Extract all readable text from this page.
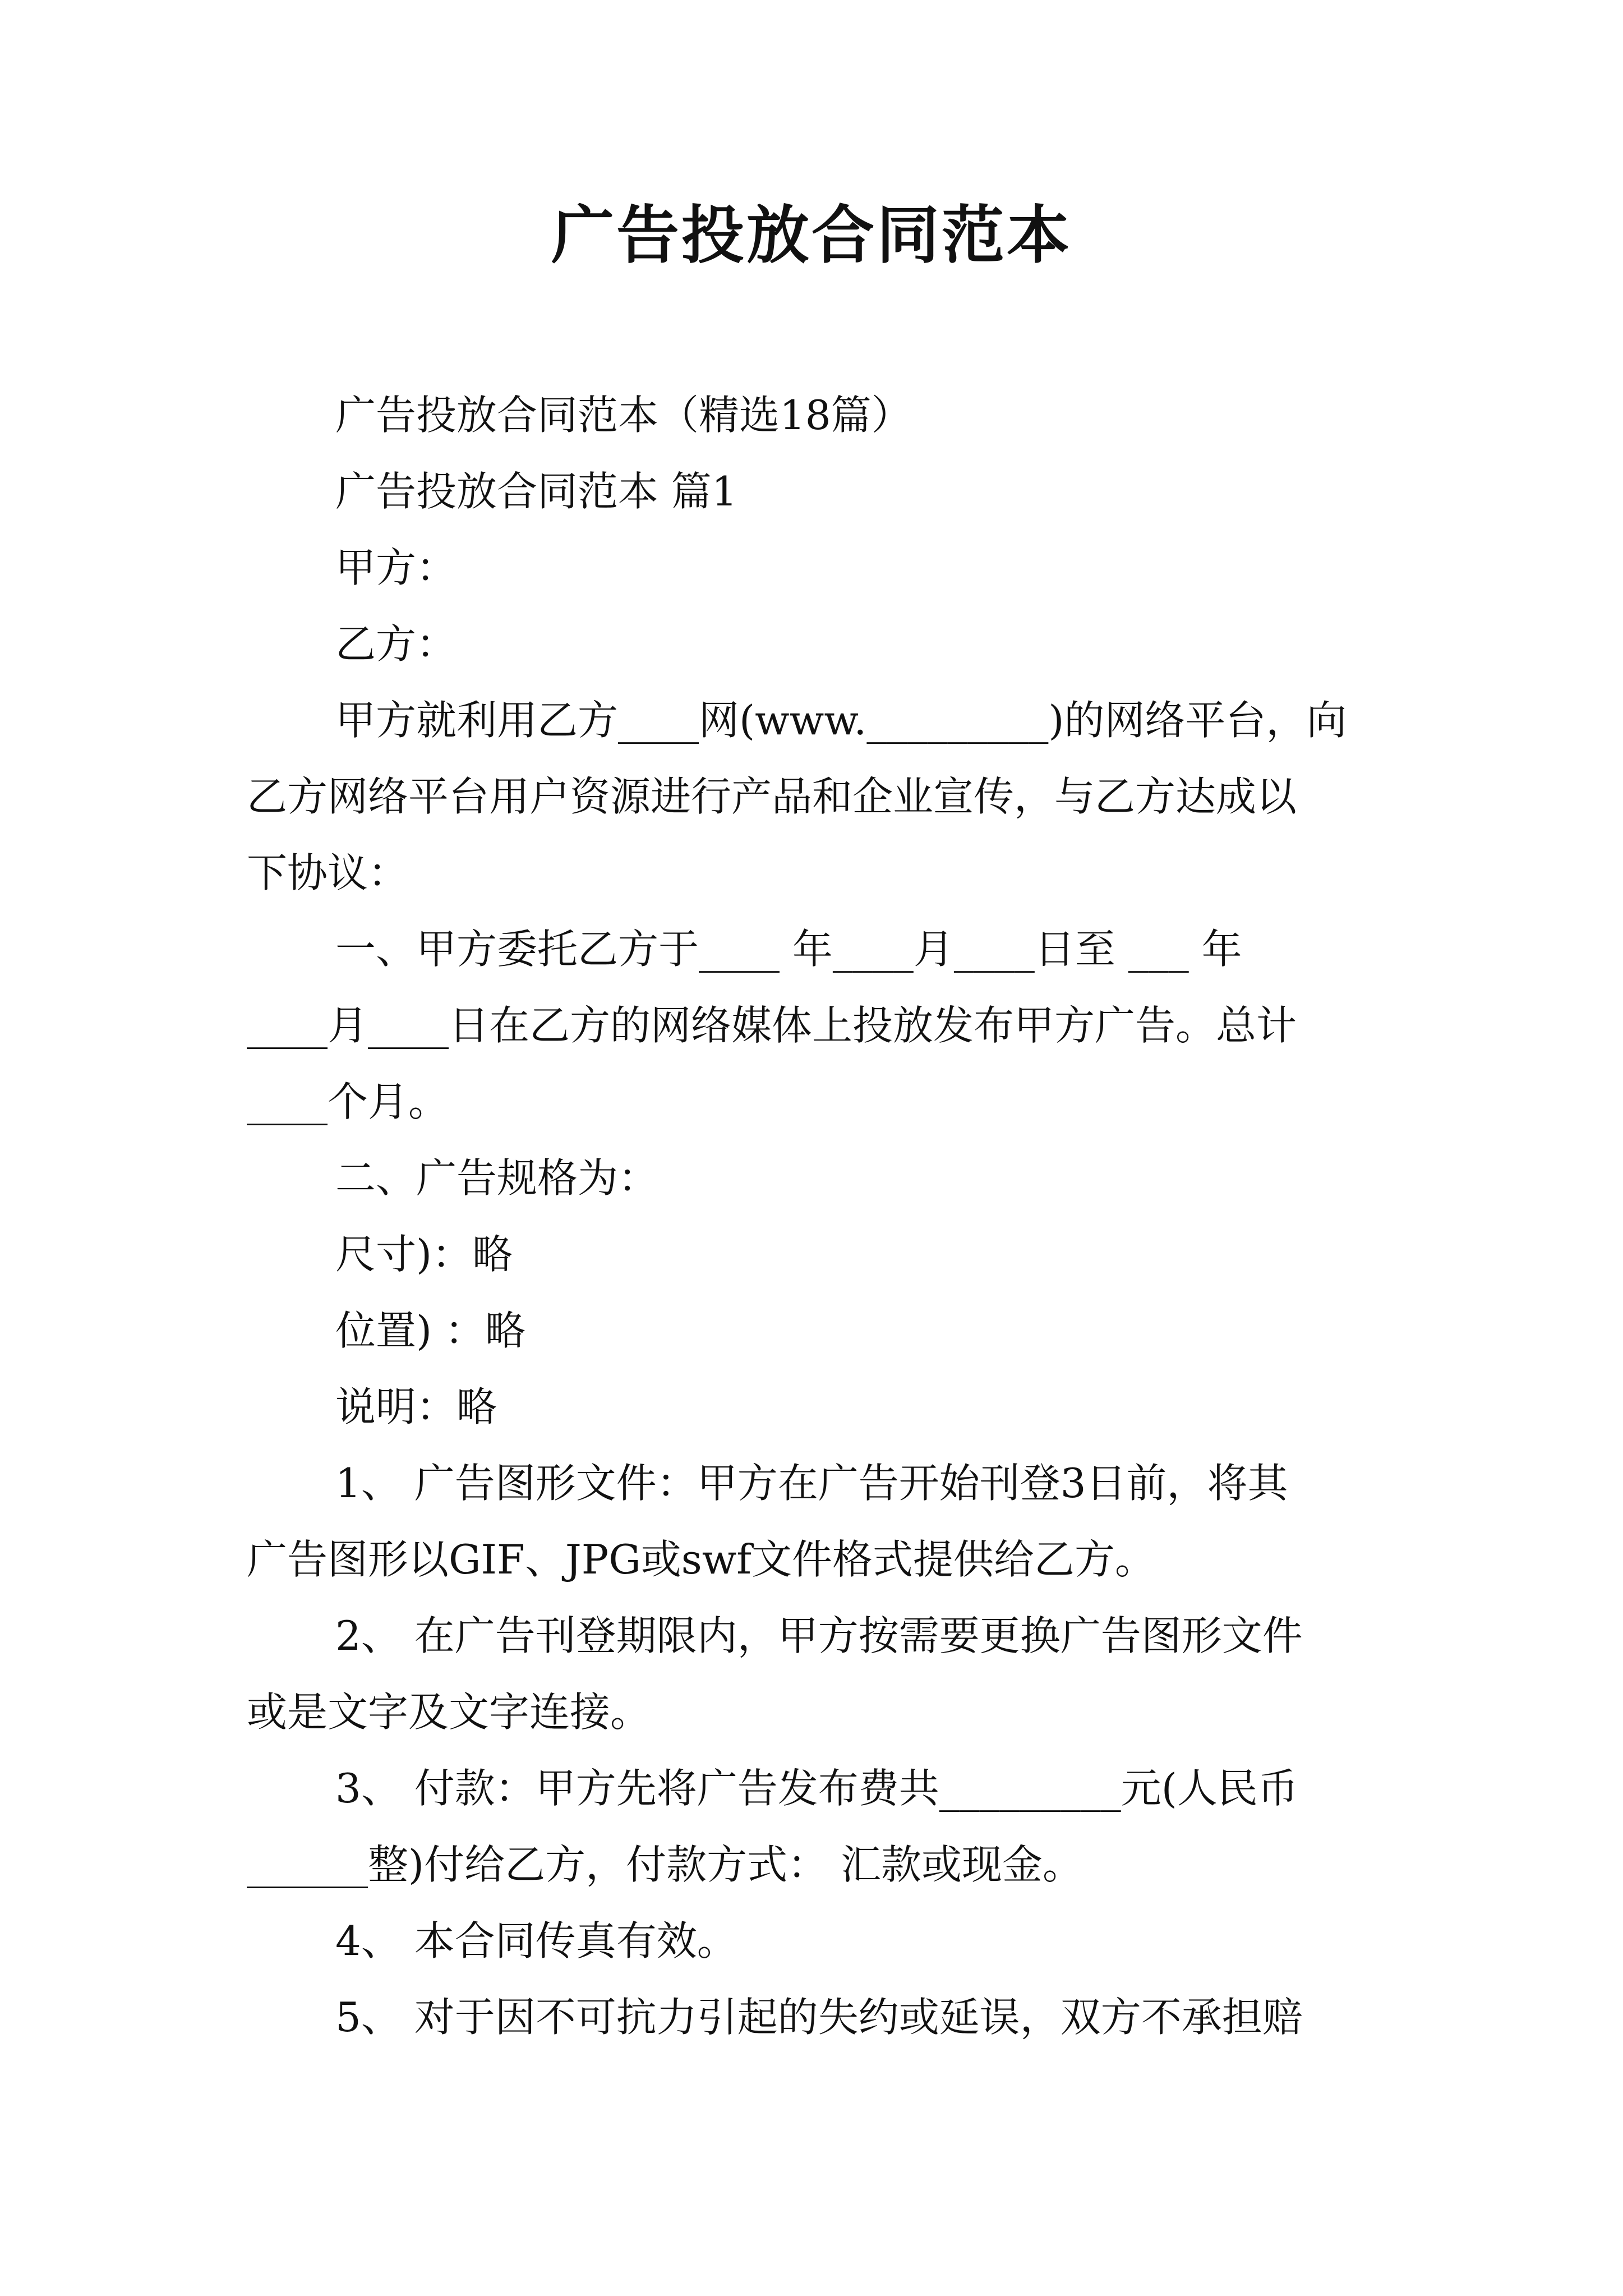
广告投放合同范本
广告投放合同范本（精选18篇）
广告投放合同范本 篇1
甲方：
乙方：
甲方就利用乙方____网(www._________)的网络平台，向
乙方网络平台用户资源进行产品和企业宣传，与乙方达成以
下协议：
一、甲方委托乙方于____ 年____月____日至 ___ 年
____月____日在乙方的网络媒体上投放发布甲方广告。总计
____个月。
二、广告规格为：
尺寸)：略
位置) ：略
说明：略
1、 广告图形文件：甲方在广告开始刊登3日前，将其
广告图形以GIF、JPG或swf文件格式提供给乙方。
2、 在广告刊登期限内，甲方按需要更换广告图形文件
或是文字及文字连接。
3、 付款：甲方先将广告发布费共_________元(人民币
______整)付给乙方，付款方式： 汇款或现金。
4、 本合同传真有效。
5、 对于因不可抗力引起的失约或延误，双方不承担赔
